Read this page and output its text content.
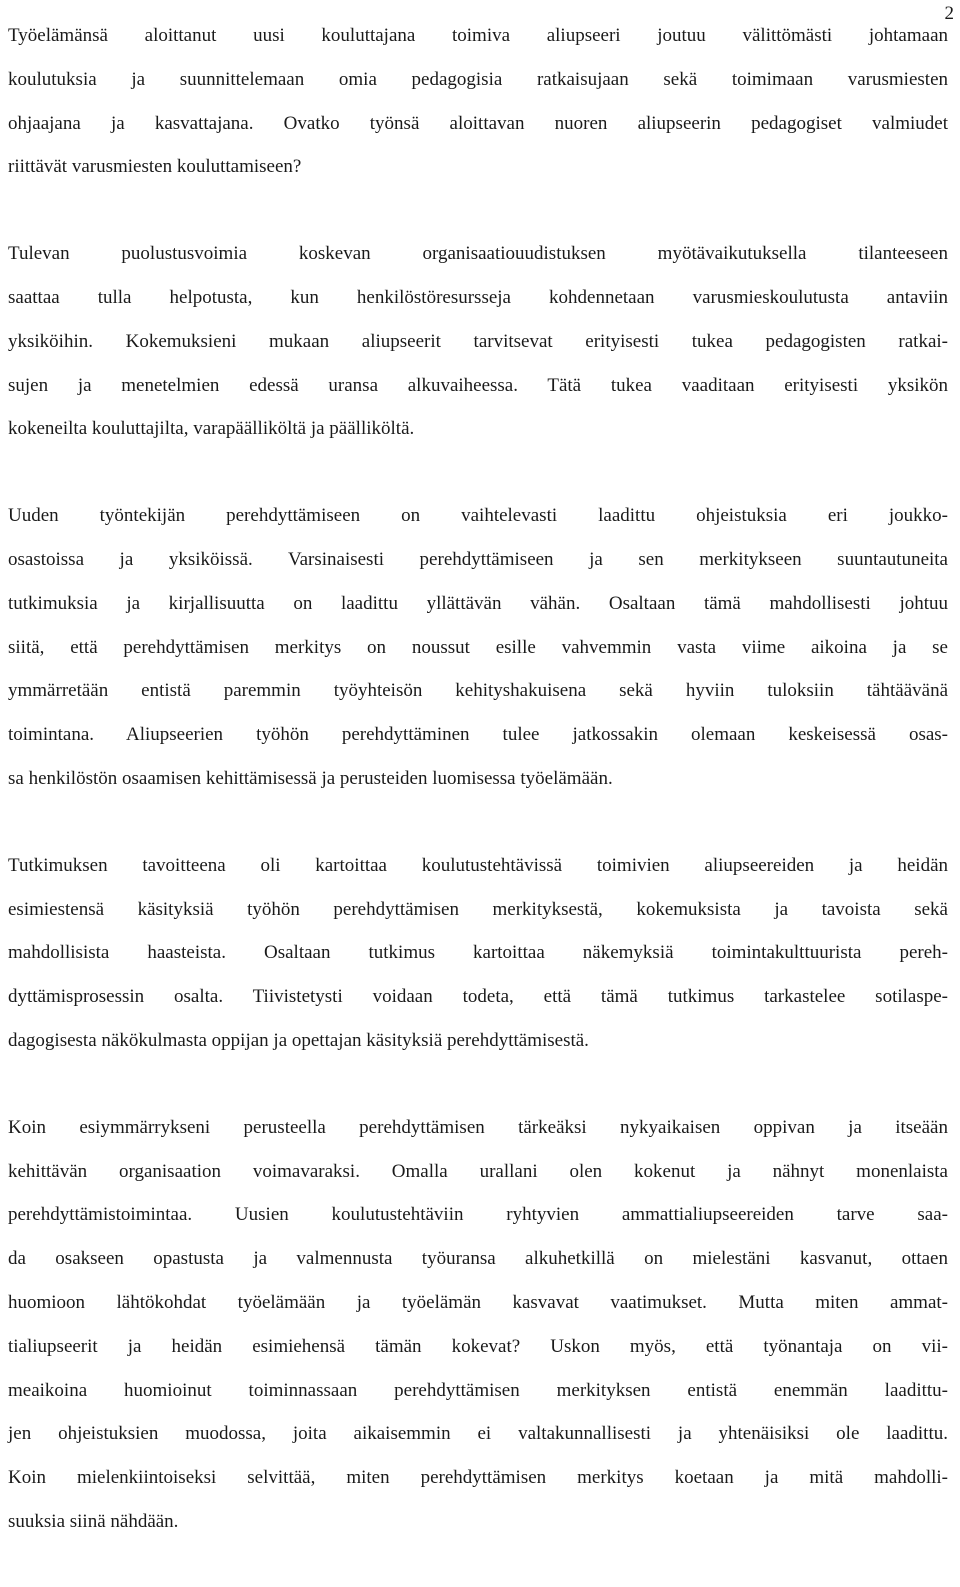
2

Työelämänsä aloittanut uusi kouluttajana toimiva aliupseeri joutuu välittömästi johtamaan
koulutuksia ja suunnittelemaan omia pedagogisia ratkaisujaan sekä toimimaan varusmiesten
ohjaajana ja kasvattajana. Ovatko työnsä aloittavan nuoren aliupseerin pedagogiset valmiudet
riittävät varusmiesten kouluttamiseen?

Tulevan puolustusvoimia koskevan organisaatiouudistuksen myötävaikutuksella tilanteeseen
saattaa tulla helpotusta, kun henkilöstöresursseja kohdennetaan varusmieskoulutusta antaviin
yksiköihin. Kokemuksieni mukaan aliupseerit tarvitsevat erityisesti tukea pedagogisten ratkai-
sujen ja menetelmien edessä uransa alkuvaiheessa. Tätä tukea vaaditaan erityisesti yksikön
kokeneilta kouluttajilta, varapäälliköltä ja päälliköltä.

Uuden työntekijän perehdyttämiseen on vaihtelevasti laadittu ohjeistuksia eri joukko-
osastoissa ja yksiköissä. Varsinaisesti perehdyttämiseen ja sen merkitykseen suuntautuneita
tutkimuksia ja kirjallisuutta on laadittu yllättävän vähän. Osaltaan tämä mahdollisesti johtuu
siitä, että perehdyttämisen merkitys on noussut esille vahvemmin vasta viime aikoina ja se
ymmärretään entistä paremmin työyhteisön kehityshakuisena sekä hyviin tuloksiin tähtäävänä
toimintana. Aliupseerien työhön perehdyttäminen tulee jatkossakin olemaan keskeisessä osas-
sa henkilöstön osaamisen kehittämisessä ja perusteiden luomisessa työelämään.

Tutkimuksen tavoitteena oli kartoittaa koulutustehtävissä toimivien aliupseereiden ja heidän
esimiestensä käsityksiä työhön perehdyttämisen merkityksestä, kokemuksista ja tavoista sekä
mahdollisista haasteista. Osaltaan tutkimus kartoittaa näkemyksiä toimintakulttuurista pereh-
dyttämisprosessin osalta. Tiivistetysti voidaan todeta, että tämä tutkimus tarkastelee sotilaspe-
dagogisesta näkökulmasta oppijan ja opettajan käsityksiä perehdyttämisestä.

Koin esiymmärrykseni perusteella perehdyttämisen tärkeäksi nykyaikaisen oppivan ja itseään
kehittävän organisaation voimavaraksi. Omalla urallani olen kokenut ja nähnyt monenlaista
perehdyttämistoimintaa. Uusien koulutustehtäviin ryhtyvien ammattialiupseereiden tarve saa-
da osakseen opastusta ja valmennusta työuransa alkuhetkillä on mielestäni kasvanut, ottaen
huomioon lähtökohdat työelämään ja työelämän kasvavat vaatimukset. Mutta miten ammat-
tialiupseerit ja heidän esimiehensä tämän kokevat? Uskon myös, että työnantaja on vii-
meaikoina huomioinut toiminnassaan perehdyttämisen merkityksen entistä enemmän laadittu-
jen ohjeistuksien muodossa, joita aikaisemmin ei valtakunnallisesti ja yhtenäisiksi ole laadittu.
Koin mielenkiintoiseksi selvittää, miten perehdyttämisen merkitys koetaan ja mitä mahdolli-
suuksia siinä nähdään.
